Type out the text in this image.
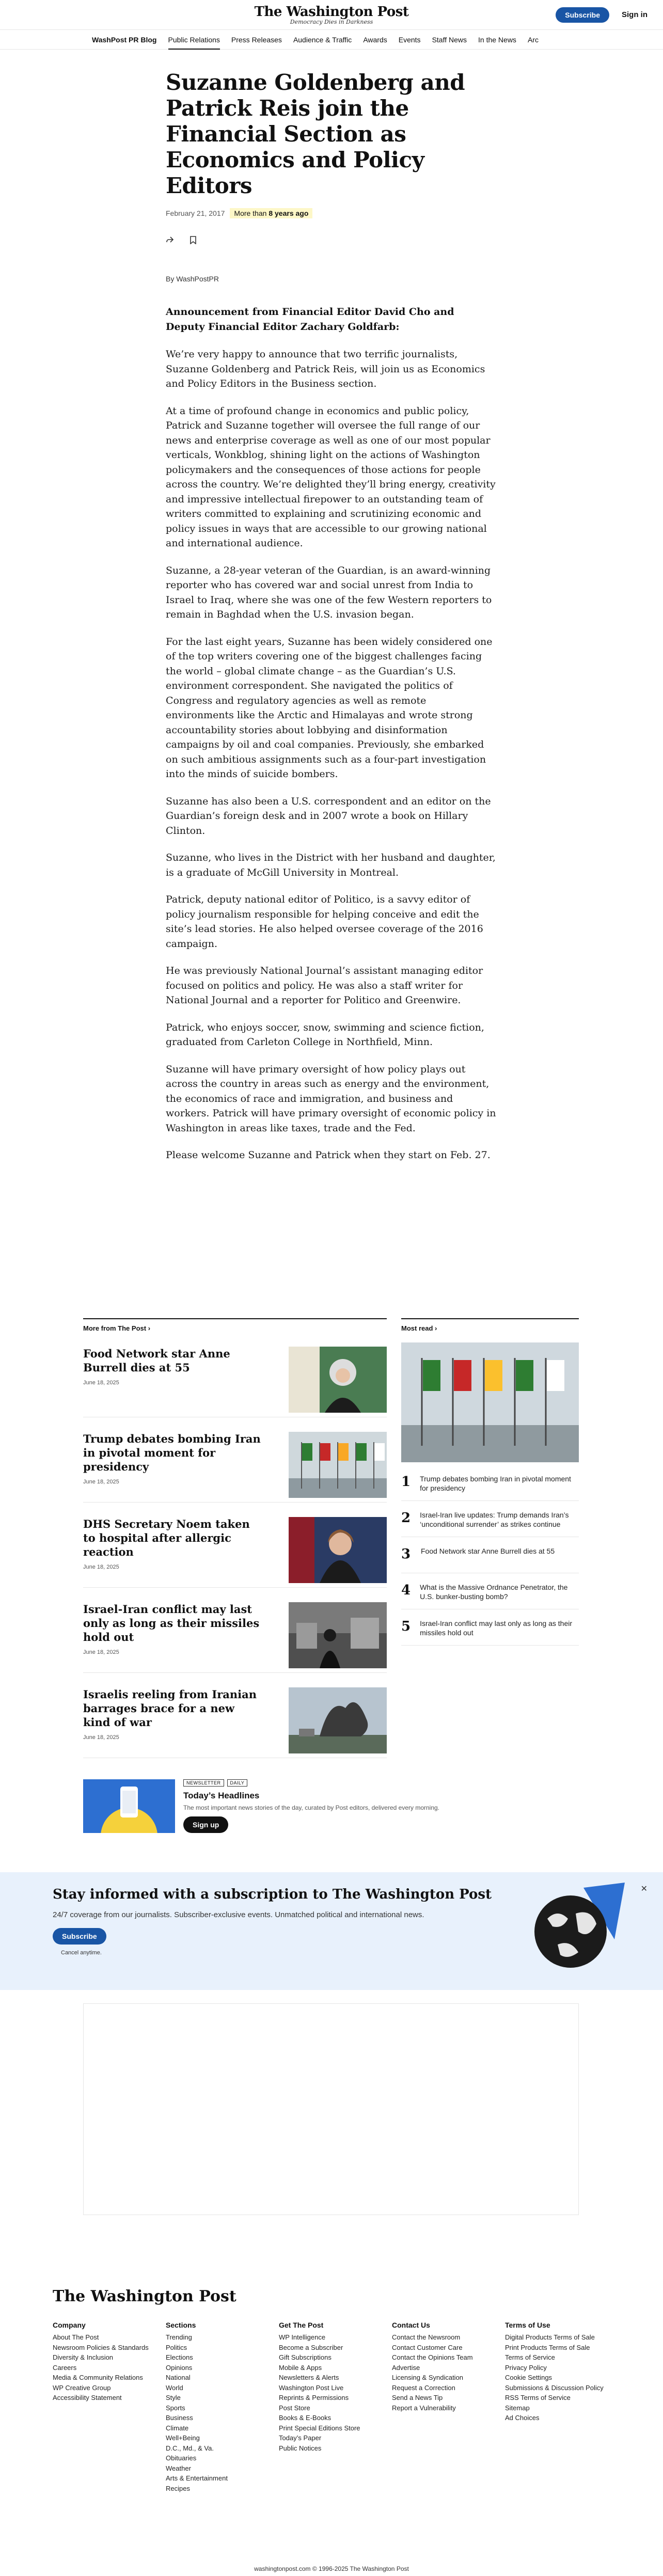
The Washington Post
Democracy Dies in Darkness
Subscribe	Sign in
WashPost PR Blog Public Relations Press Releases Audience & Traffic Awards Events Staff News In the News Arc
Suzanne Goldenberg and Patrick Reis join the Financial Section as Economics and Policy Editors
February 21, 2017	More than 8 years ago
By WashPostPR

Announcement from Financial Editor David Cho and Deputy Financial Editor Zachary Goldfarb:

We’re very happy to announce that two terrific journalists, Suzanne Goldenberg and Patrick Reis, will join us as Economics and Policy Editors in the Business section.

At a time of profound change in economics and public policy, Patrick and Suzanne together will oversee the full range of our news and enterprise coverage as well as one of our most popular verticals, Wonkblog, shining light on the actions of Washington policymakers and the consequences of those actions for people across the country. We’re delighted they’ll bring energy, creativity and impressive intellectual firepower to an outstanding team of writers committed to explaining and scrutinizing economic and policy issues in ways that are accessible to our growing national and international audience.

Suzanne, a 28-year veteran of the Guardian, is an award-winning reporter who has covered war and social unrest from India to Israel to Iraq, where she was one of the few Western reporters to remain in Baghdad when the U.S. invasion began.

For the last eight years, Suzanne has been widely considered one of the top writers covering one of the biggest challenges facing the world – global climate change – as the Guardian’s U.S. environment correspondent. She navigated the politics of Congress and regulatory agencies as well as remote environments like the Arctic and Himalayas and wrote strong accountability stories about lobbying and disinformation campaigns by oil and coal companies. Previously, she embarked on such ambitious assignments such as a four-part investigation into the minds of suicide bombers.

Suzanne has also been a U.S. correspondent and an editor on the Guardian’s foreign desk and in 2007 wrote a book on Hillary Clinton.

Suzanne, who lives in the District with her husband and daughter, is a graduate of McGill University in Montreal.

Patrick, deputy national editor of Politico, is a savvy editor of policy journalism responsible for helping conceive and edit the site’s lead stories. He also helped oversee coverage of the 2016 campaign.

He was previously National Journal’s assistant managing editor focused on politics and policy. He was also a staff writer for National Journal and a reporter for Politico and Greenwire.

Patrick, who enjoys soccer, snow, swimming and science fiction, graduated from Carleton College in Northfield, Minn.

Suzanne will have primary oversight of how policy plays out across the country in areas such as energy and the environment, the economics of race and immigration, and business and workers. Patrick will have primary oversight of economic policy in Washington in areas like taxes, trade and the Fed.

Please welcome Suzanne and Patrick when they start on Feb. 27.

More from The Post ›
Food Network star Anne Burrell dies at 55
June 18, 2025
Trump debates bombing Iran in pivotal moment for presidency
June 18, 2025
DHS Secretary Noem taken to hospital after allergic reaction
June 18, 2025
Israel-Iran conflict may last only as long as their missiles hold out
June 18, 2025
Israelis reeling from Iranian barrages brace for a new kind of war
June 18, 2025
Most read ›
1 Trump debates bombing Iran in pivotal moment for presidency
2 Israel-Iran live updates: Trump demands Iran’s ‘unconditional surrender’ as strikes continue
3 Food Network star Anne Burrell dies at 55
4 What is the Massive Ordnance Penetrator, the U.S. bunker-busting bomb?
5 Israel-Iran conflict may last only as long as their missiles hold out
NEWSLETTER	DAILY
Today’s Headlines
The most important news stories of the day, curated by Post editors, delivered every morning.
Sign up
Stay informed with a subscription to The Washington Post
24/7 coverage from our journalists. Subscriber-exclusive events. Unmatched political and international news.
Subscribe
Cancel anytime.
✕
The Washington Post
Company
About The Post
Newsroom Policies & Standards
Diversity & Inclusion
Careers
Media & Community Relations
WP Creative Group
Accessibility Statement
Sections
Trending
Politics
Elections
Opinions
National
World
Style
Sports
Business
Climate
Well+Being
D.C., Md., & Va.
Obituaries
Weather
Arts & Entertainment
Recipes
Get The Post
WP Intelligence
Become a Subscriber
Gift Subscriptions
Mobile & Apps
Newsletters & Alerts
Washington Post Live
Reprints & Permissions
Post Store
Books & E-Books
Print Special Editions Store
Today’s Paper
Public Notices
Contact Us
Contact the Newsroom
Contact Customer Care
Contact the Opinions Team
Advertise
Licensing & Syndication
Request a Correction
Send a News Tip
Report a Vulnerability
Terms of Use
Digital Products Terms of Sale
Print Products Terms of Sale
Terms of Service
Privacy Policy
Cookie Settings
Submissions & Discussion Policy
RSS Terms of Service
Sitemap
Ad Choices
washingtonpost.com © 1996-2025 The Washington Post
